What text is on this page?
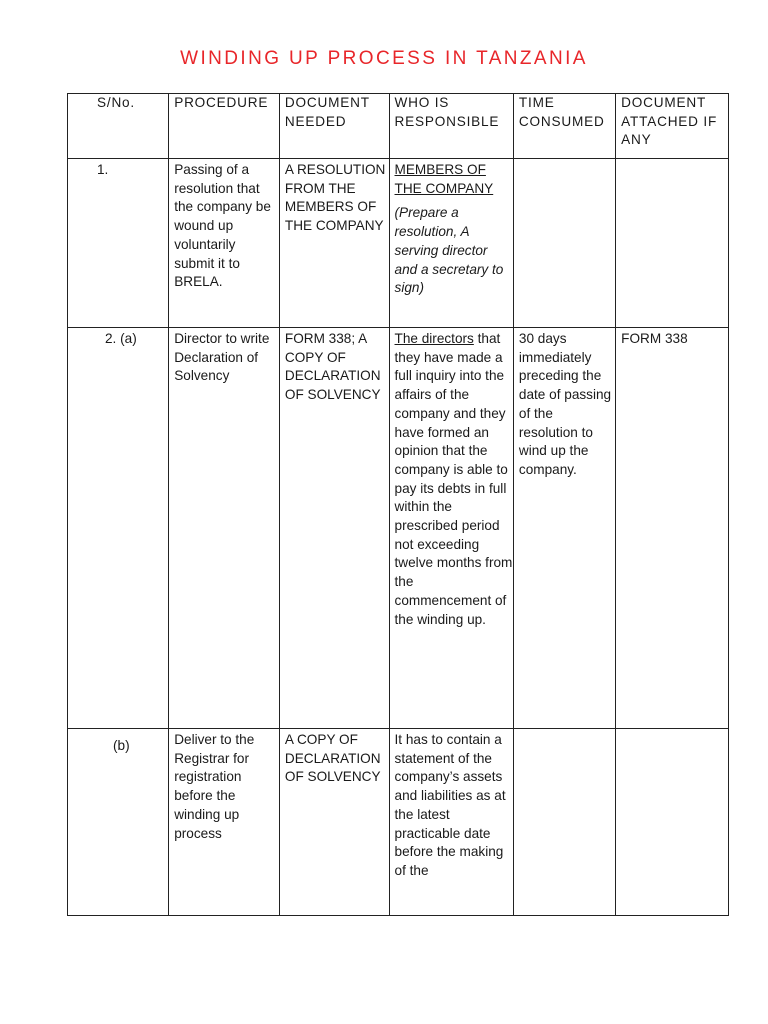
WINDING UP PROCESS IN TANZANIA
S/No.	PROCEDURE	DOCUMENT NEEDED	WHO IS RESPONSIBLE	TIME CONSUMED	DOCUMENT ATTACHED IF ANY

1.	Passing of a resolution that the company be wound up voluntarily submit it to BRELA.	A RESOLUTION FROM THE MEMBERS OF THE COMPANY	MEMBERS OF THE COMPANY
(Prepare a resolution, A serving director and a secretary to sign)		

2. (a)	Director to write Declaration of Solvency	FORM 338; A COPY OF DECLARATION OF SOLVENCY	The directors that they have made a full inquiry into the affairs of the company and they have formed an opinion that the company is able to pay its debts in full within the prescribed period not exceeding twelve months from the commencement of the winding up.	30 days immediately preceding the date of passing of the resolution to wind up the company.	FORM 338

(b)	Deliver to the Registrar for registration before the winding up process	A COPY OF DECLARATION OF SOLVENCY	It has to contain a statement of the company’s assets and liabilities as at the latest practicable date before the making of the		
